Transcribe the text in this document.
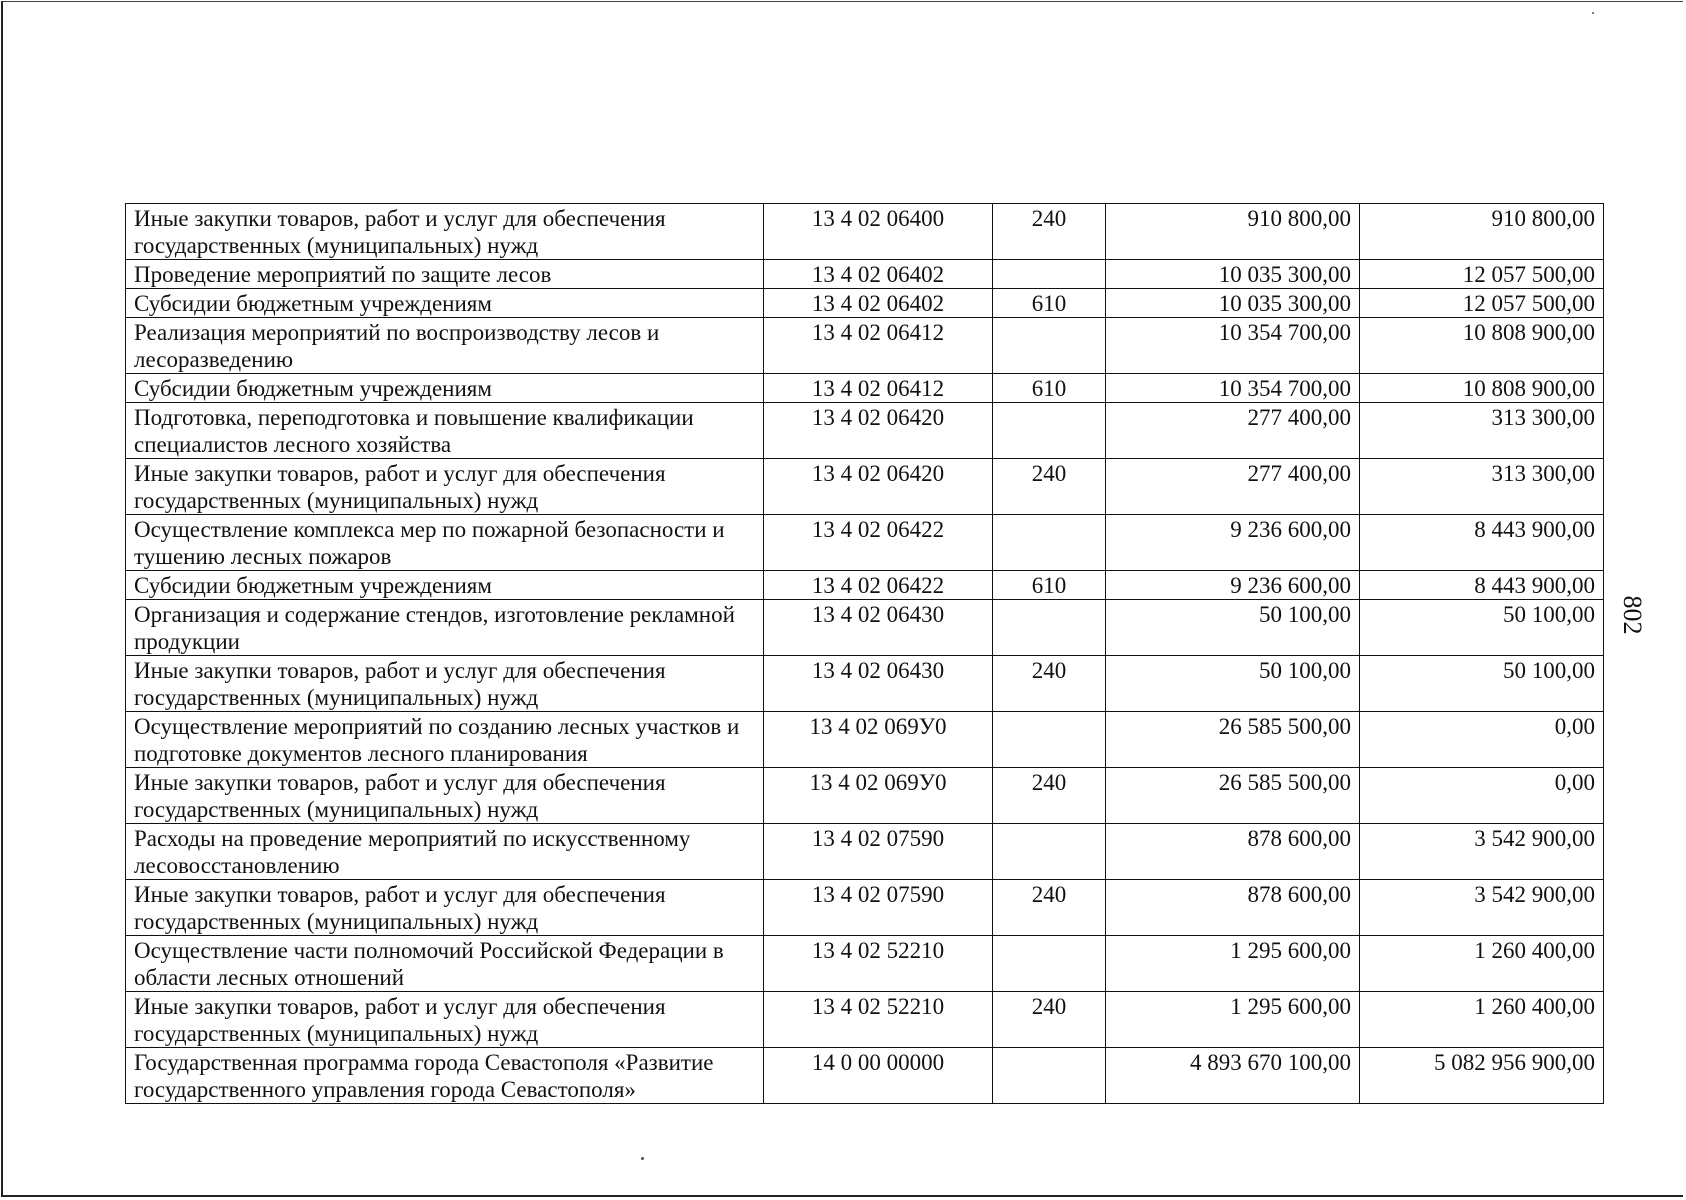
Иные закупки товаров, работ и услуг для обеспечения государственных (муниципальных) нужд	13 4 02 06400	240	910 800,00	910 800,00
Проведение мероприятий по защите лесов	13 4 02 06402		10 035 300,00	12 057 500,00
Субсидии бюджетным учреждениям	13 4 02 06402	610	10 035 300,00	12 057 500,00
Реализация мероприятий по воспроизводству лесов и лесоразведению	13 4 02 06412		10 354 700,00	10 808 900,00
Субсидии бюджетным учреждениям	13 4 02 06412	610	10 354 700,00	10 808 900,00
Подготовка, переподготовка и повышение квалификации специалистов лесного хозяйства	13 4 02 06420		277 400,00	313 300,00
Иные закупки товаров, работ и услуг для обеспечения государственных (муниципальных) нужд	13 4 02 06420	240	277 400,00	313 300,00
Осуществление комплекса мер по пожарной безопасности и тушению лесных пожаров	13 4 02 06422		9 236 600,00	8 443 900,00
Субсидии бюджетным учреждениям	13 4 02 06422	610	9 236 600,00	8 443 900,00
Организация и содержание стендов, изготовление рекламной продукции	13 4 02 06430		50 100,00	50 100,00
Иные закупки товаров, работ и услуг для обеспечения государственных (муниципальных) нужд	13 4 02 06430	240	50 100,00	50 100,00
Осуществление мероприятий по созданию лесных участков и подготовке документов лесного планирования	13 4 02 069У0		26 585 500,00	0,00
Иные закупки товаров, работ и услуг для обеспечения государственных (муниципальных) нужд	13 4 02 069У0	240	26 585 500,00	0,00
Расходы на проведение мероприятий по искусственному лесовосстановлению	13 4 02 07590		878 600,00	3 542 900,00
Иные закупки товаров, работ и услуг для обеспечения государственных (муниципальных) нужд	13 4 02 07590	240	878 600,00	3 542 900,00
Осуществление части полномочий Российской Федерации в области лесных отношений	13 4 02 52210		1 295 600,00	1 260 400,00
Иные закупки товаров, работ и услуг для обеспечения государственных (муниципальных) нужд	13 4 02 52210	240	1 295 600,00	1 260 400,00
Государственная программа города Севастополя «Развитие государственного управления города Севастополя»	14 0 00 00000		4 893 670 100,00	5 082 956 900,00
802
